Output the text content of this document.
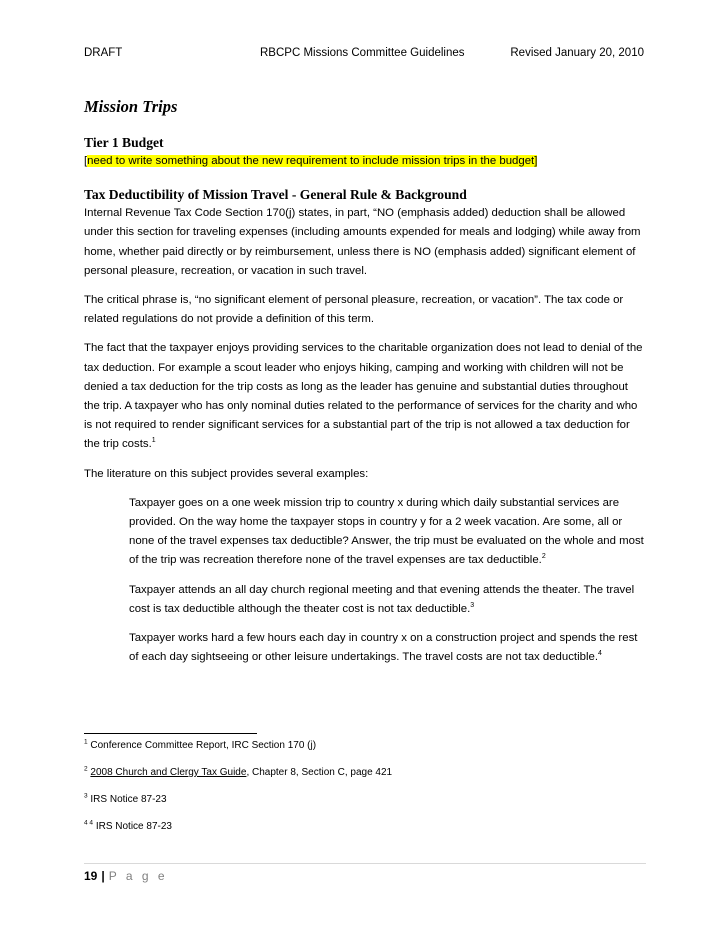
DRAFT	RBCPC Missions Committee Guidelines	Revised January 20, 2010
Mission Trips
Tier 1 Budget

[need to write something about the new requirement to include mission trips in the budget]

Tax Deductibility of Mission Travel - General Rule & Background

Internal Revenue Tax Code Section 170(j) states, in part, “NO (emphasis added) deduction shall be allowed under this section for traveling expenses (including amounts expended for meals and lodging) while away from home, whether paid directly or by reimbursement, unless there is NO (emphasis added) significant element of personal pleasure, recreation, or vacation in such travel.

The critical phrase is, “no significant element of personal pleasure, recreation, or vacation”. The tax code or related regulations do not provide a definition of this term.

The fact that the taxpayer enjoys providing services to the charitable organization does not lead to denial of the tax deduction. For example a scout leader who enjoys hiking, camping and working with children will not be denied a tax deduction for the trip costs as long as the leader has genuine and substantial duties throughout the trip. A taxpayer who has only nominal duties related to the performance of services for the charity and who is not required to render significant services for a substantial part of the trip is not allowed a tax deduction for the trip costs.$^1$

The literature on this subject provides several examples:

Taxpayer goes on a one week mission trip to country x during which daily substantial services are provided. On the way home the taxpayer stops in country y for a 2 week vacation. Are some, all or none of the travel expenses tax deductible? Answer, the trip must be evaluated on the whole and most of the trip was recreation therefore none of the travel expenses are tax deductible.$^2$

Taxpayer attends an all day church regional meeting and that evening attends the theater. The travel cost is tax deductible although the theater cost is not tax deductible.$^3$

Taxpayer works hard a few hours each day in country x on a construction project and spends the rest of each day sightseeing or other leisure undertakings. The travel costs are not tax deductible.$^4$

$^1$ Conference Committee Report, IRC Section 170 (j)
$^2$ 2008 Church and Clergy Tax Guide, Chapter 8, Section C, page 421
$^3$ IRS Notice 87-23
$^{4 4}$ IRS Notice 87-23
19 | P a g e
